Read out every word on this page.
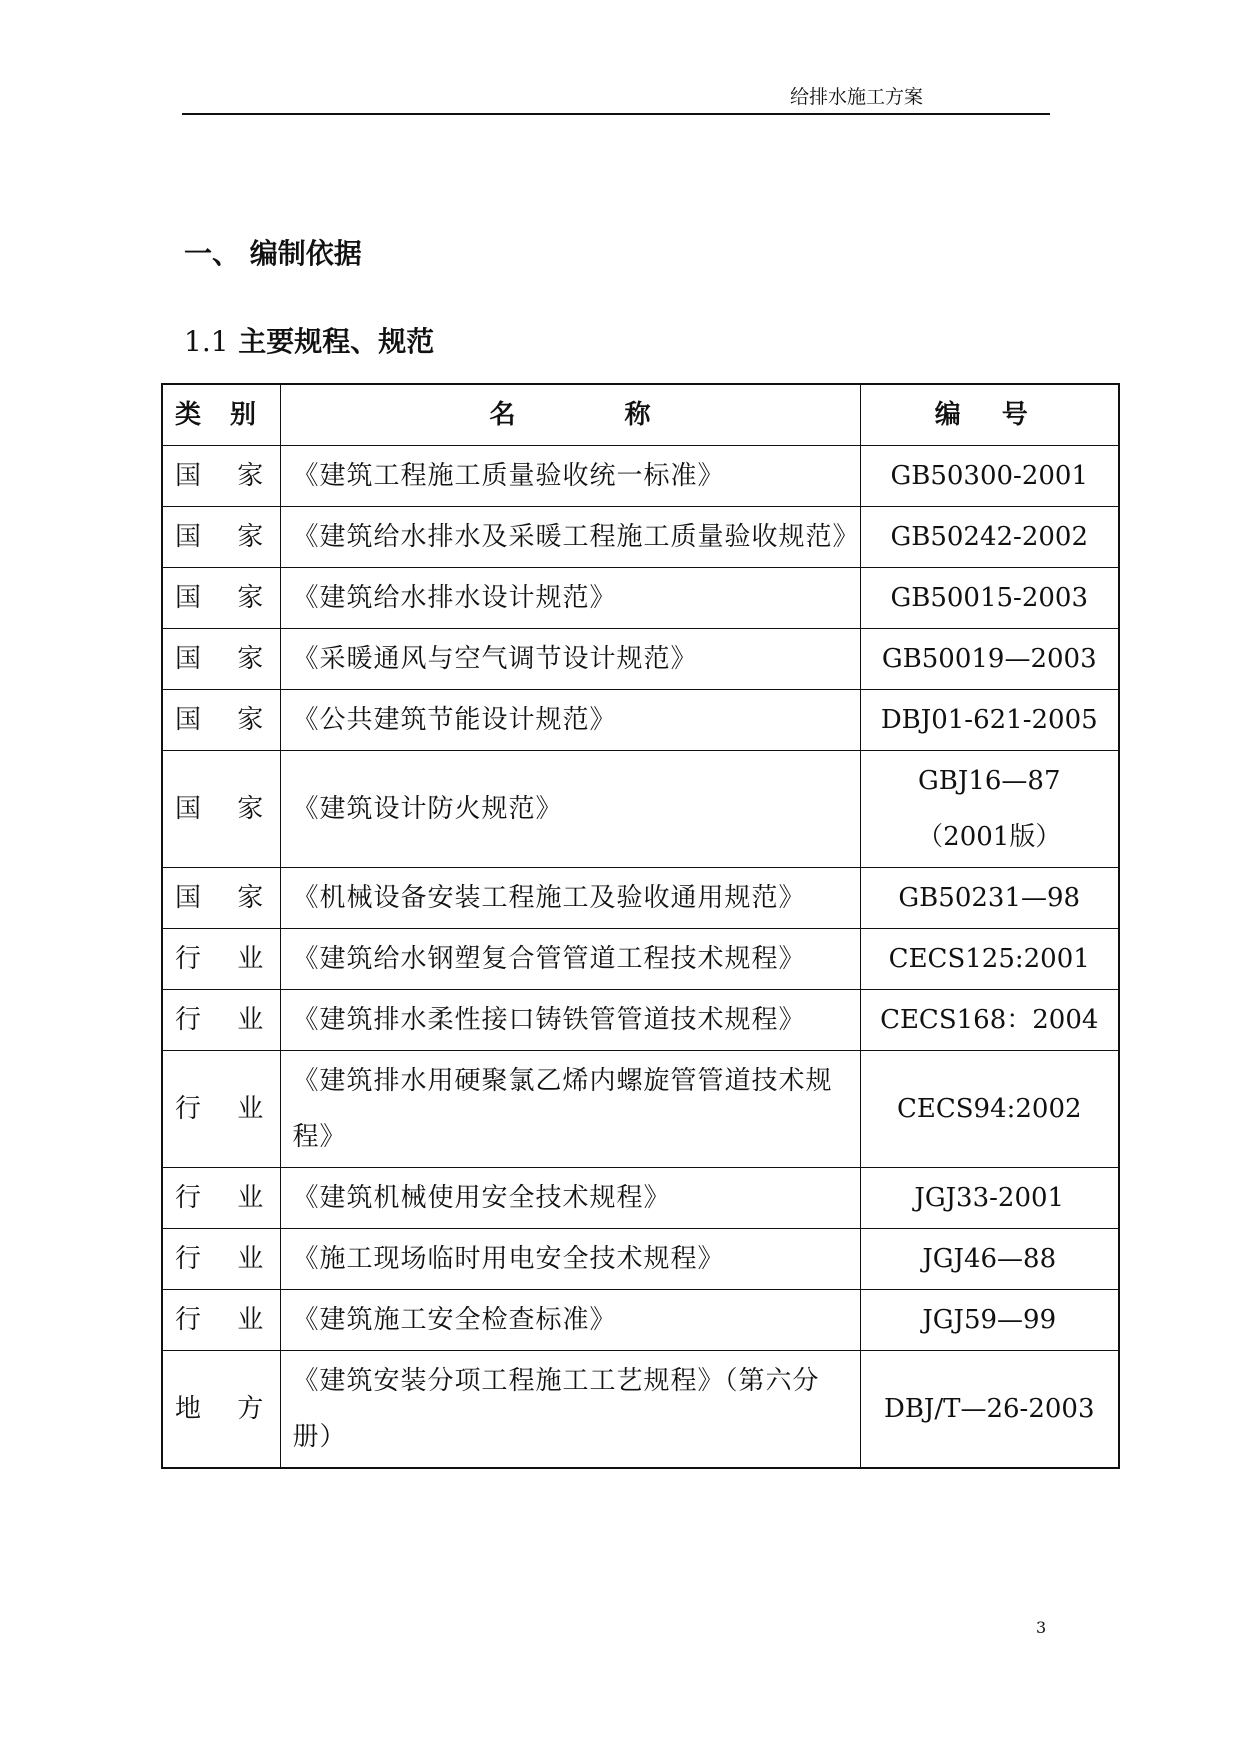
给排水施工方案
一、 编制依据
1.1 主要规程、规范
类 别	名 称	编 号
国 家	《建筑工程施工质量验收统一标准》	GB50300-2001
国 家	《建筑给水排水及采暖工程施工质量验收规范》	GB50242-2002
国 家	《建筑给水排水设计规范》	GB50015-2003
国 家	《采暖通风与空气调节设计规范》	GB50019—2003
国 家	《公共建筑节能设计规范》	DBJ01-621-2005
国 家	《建筑设计防火规范》	GBJ16—87（2001版）
国 家	《机械设备安装工程施工及验收通用规范》	GB50231—98
行 业	《建筑给水钢塑复合管管道工程技术规程》	CECS125:2001
行 业	《建筑排水柔性接口铸铁管管道技术规程》	CECS168：2004
行 业	《建筑排水用硬聚氯乙烯内螺旋管管道技术规程》	CECS94:2002
行 业	《建筑机械使用安全技术规程》	JGJ33-2001
行 业	《施工现场临时用电安全技术规程》	JGJ46—88
行 业	《建筑施工安全检查标准》	JGJ59—99
地 方	《建筑安装分项工程施工工艺规程》（第六分册）	DBJ/T—26-2003
3
